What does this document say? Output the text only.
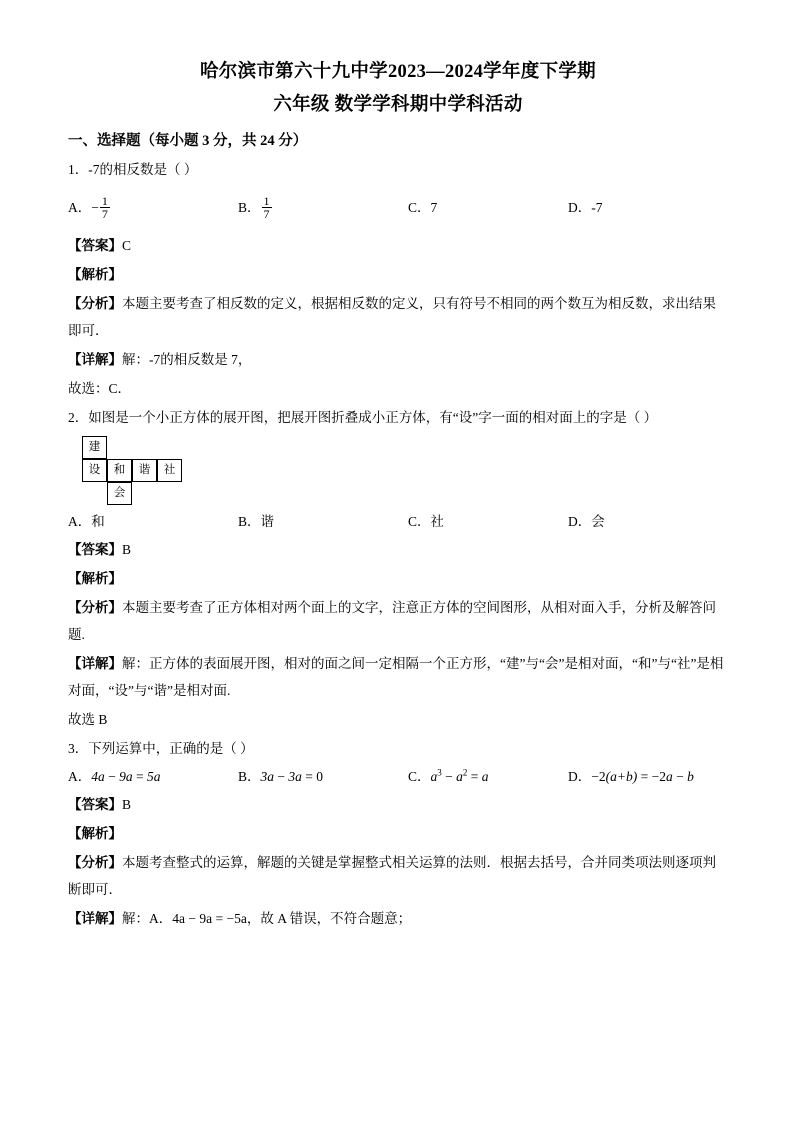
哈尔滨市第六十九中学2023—2024学年度下学期
六年级 数学学科期中学科活动
一、选择题（每小题 3 分，共 24 分）
1．-7的相反数是（ ）
A．− $\frac{1}{7}$	B． $\frac{1}{7}$	C．7	D．-7
【答案】C
【解析】
【分析】本题主要考查了相反数的定义，根据相反数的定义，只有符号不相同的两个数互为相反数，求出结果即可．
【详解】解：-7的相反数是 7，
故选：C．
2．如图是一个小正方体的展开图，把展开图折叠成小正方体，有“设”字一面的相对面上的字是（ ）
建
设	和	谐	社
会
A．和	B．谐	C．社	D．会
【答案】B
【解析】
【分析】本题主要考查了正方体相对两个面上的文字，注意正方体的空间图形，从相对面入手，分析及解答问题.
【详解】解：正方体的表面展开图，相对的面之间一定相隔一个正方形，“建”与“会”是相对面，“和”与“社”是相对面，“设”与“谐”是相对面.
故选 B
3．下列运算中，正确的是（ ）
A．4a − 9a = 5a	B．3a − 3a = 0	C．$a^3 - a^2 = a$	D．−2(a+b) = −2a − b
【答案】B
【解析】
【分析】本题考查整式的运算，解题的关键是掌握整式相关运算的法则．根据去括号，合并同类项法则逐项判断即可．
【详解】解：A．4a − 9a = −5a，故 A 错误，不符合题意；
